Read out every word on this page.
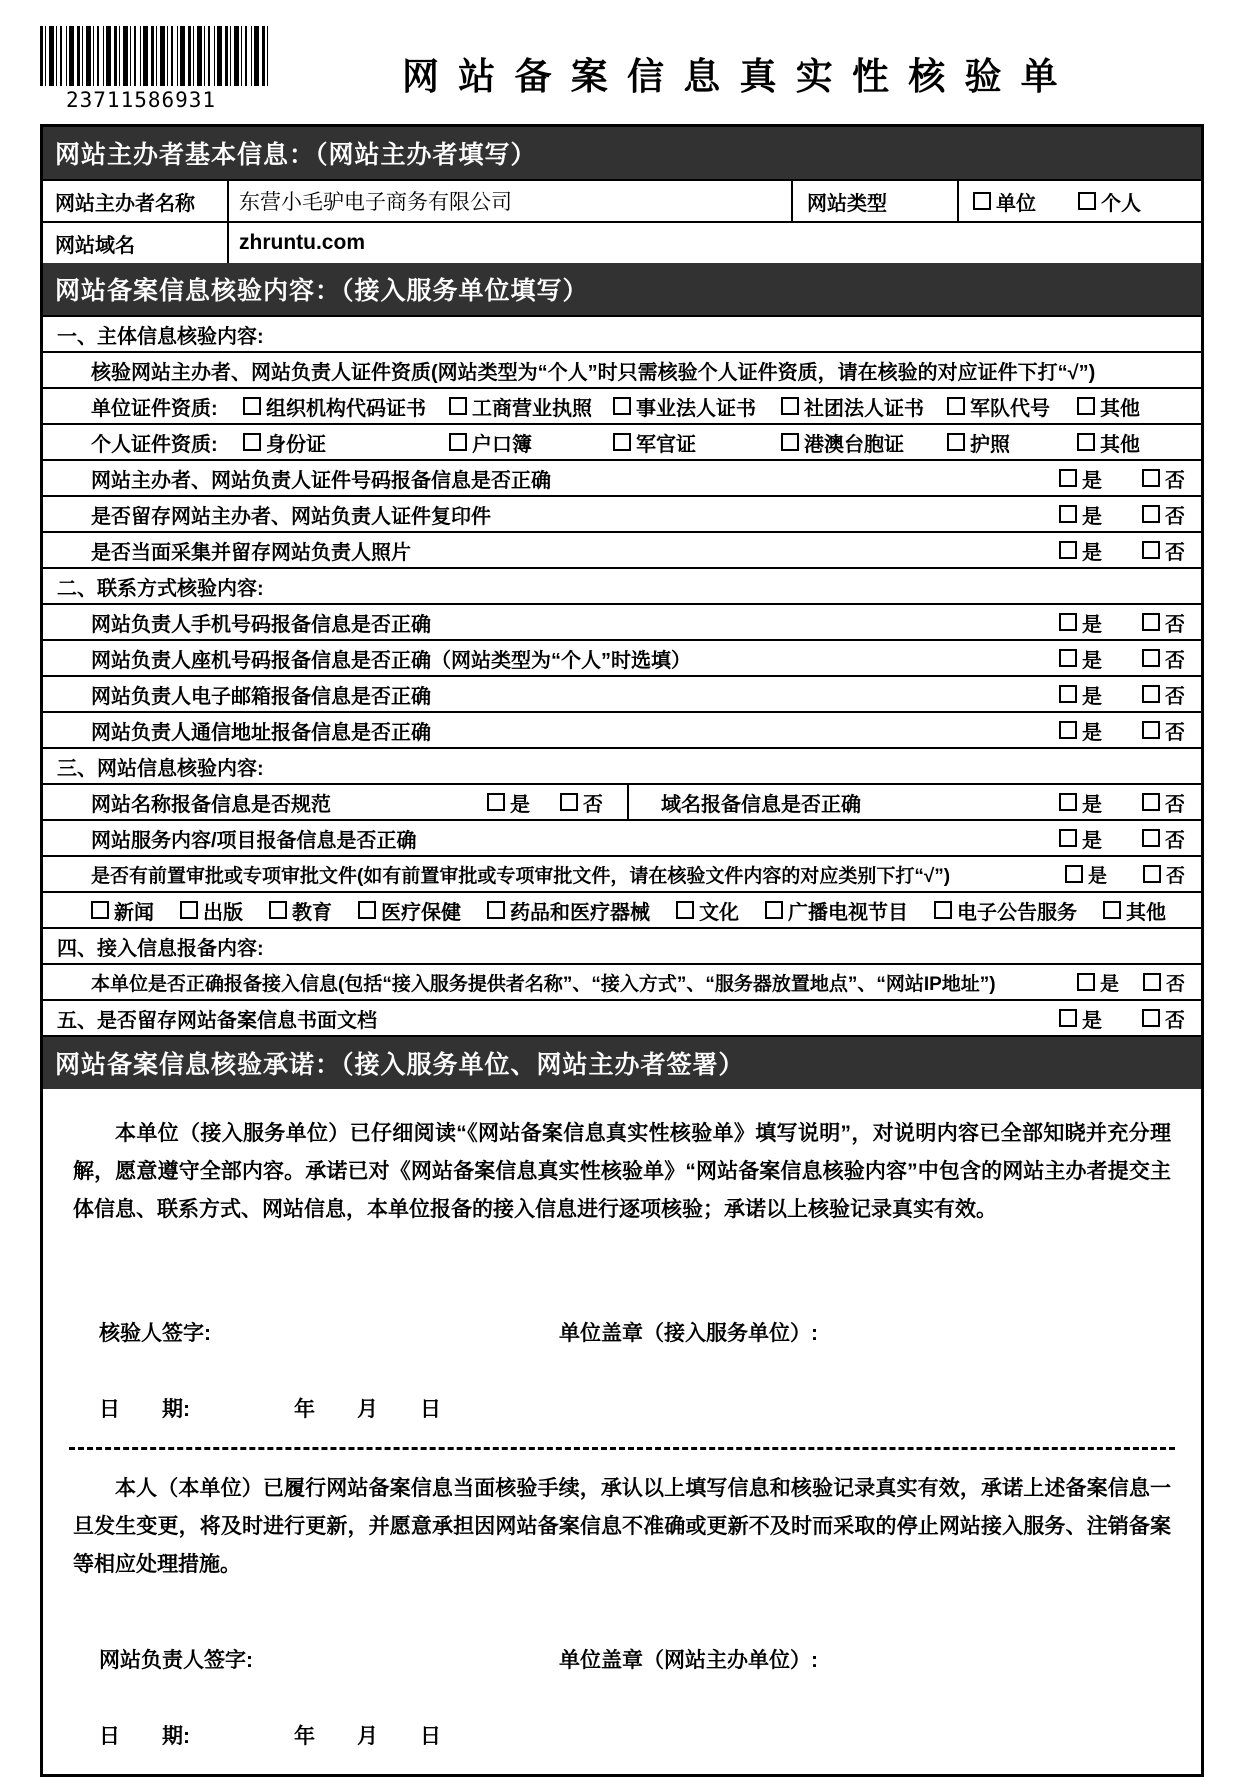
23711586931
网站备案信息真实性核验单
网站主办者基本信息：（网站主办者填写）
网站主办者名称	东营小毛驴电子商务有限公司	网站类型	单位	个人
网站域名	zhruntu.com
网站备案信息核验内容：（接入服务单位填写）
一、主体信息核验内容:
核验网站主办者、网站负责人证件资质(网站类型为“个人”时只需核验个人证件资质，请在核验的对应证件下打“√”)
单位证件资质:	组织机构代码证书 工商营业执照 事业法人证书 社团法人证书 军队代号	其他
个人证件资质:	身份证	户口簿	军官证	港澳台胞证	护照	其他
网站主办者、网站负责人证件号码报备信息是否正确	是	否
是否留存网站主办者、网站负责人证件复印件	是	否
是否当面采集并留存网站负责人照片	是	否
二、联系方式核验内容:
网站负责人手机号码报备信息是否正确	是	否
网站负责人座机号码报备信息是否正确（网站类型为“个人”时选填）	是	否
网站负责人电子邮箱报备信息是否正确	是	否
网站负责人通信地址报备信息是否正确	是	否
三、网站信息核验内容:
网站名称报备信息是否规范	是	否	域名报备信息是否正确	是	否
网站服务内容/项目报备信息是否正确	是	否
是否有前置审批或专项审批文件(如有前置审批或专项审批文件，请在核验文件内容的对应类别下打“√”)	是	否
新闻 出版 教育 医疗保健 药品和医疗器械 文化 广播电视节目 电子公告服务 其他
四、接入信息报备内容:
本单位是否正确报备接入信息(包括“接入服务提供者名称”、“接入方式”、“服务器放置地点”、“网站IP地址”)	是 否
五、是否留存网站备案信息书面文档	是	否
网站备案信息核验承诺：（接入服务单位、网站主办者签署）

本单位（接入服务单位）已仔细阅读“《网站备案信息真实性核验单》填写说明”，对说明内容已全部知晓并充分理解，愿意遵守全部内容。承诺已对《网站备案信息真实性核验单》“网站备案信息核验内容”中包含的网站主办者提交主体信息、联系方式、网站信息，本单位报备的接入信息进行逐项核验；承诺以上核验记录真实有效。

核验人签字:	单位盖章（接入服务单位）:
日　　期:	年 月 日

本人（本单位）已履行网站备案信息当面核验手续，承认以上填写信息和核验记录真实有效，承诺上述备案信息一旦发生变更，将及时进行更新，并愿意承担因网站备案信息不准确或更新不及时而采取的停止网站接入服务、注销备案等相应处理措施。

网站负责人签字:	单位盖章（网站主办单位）:
日　　期:	年 月 日
